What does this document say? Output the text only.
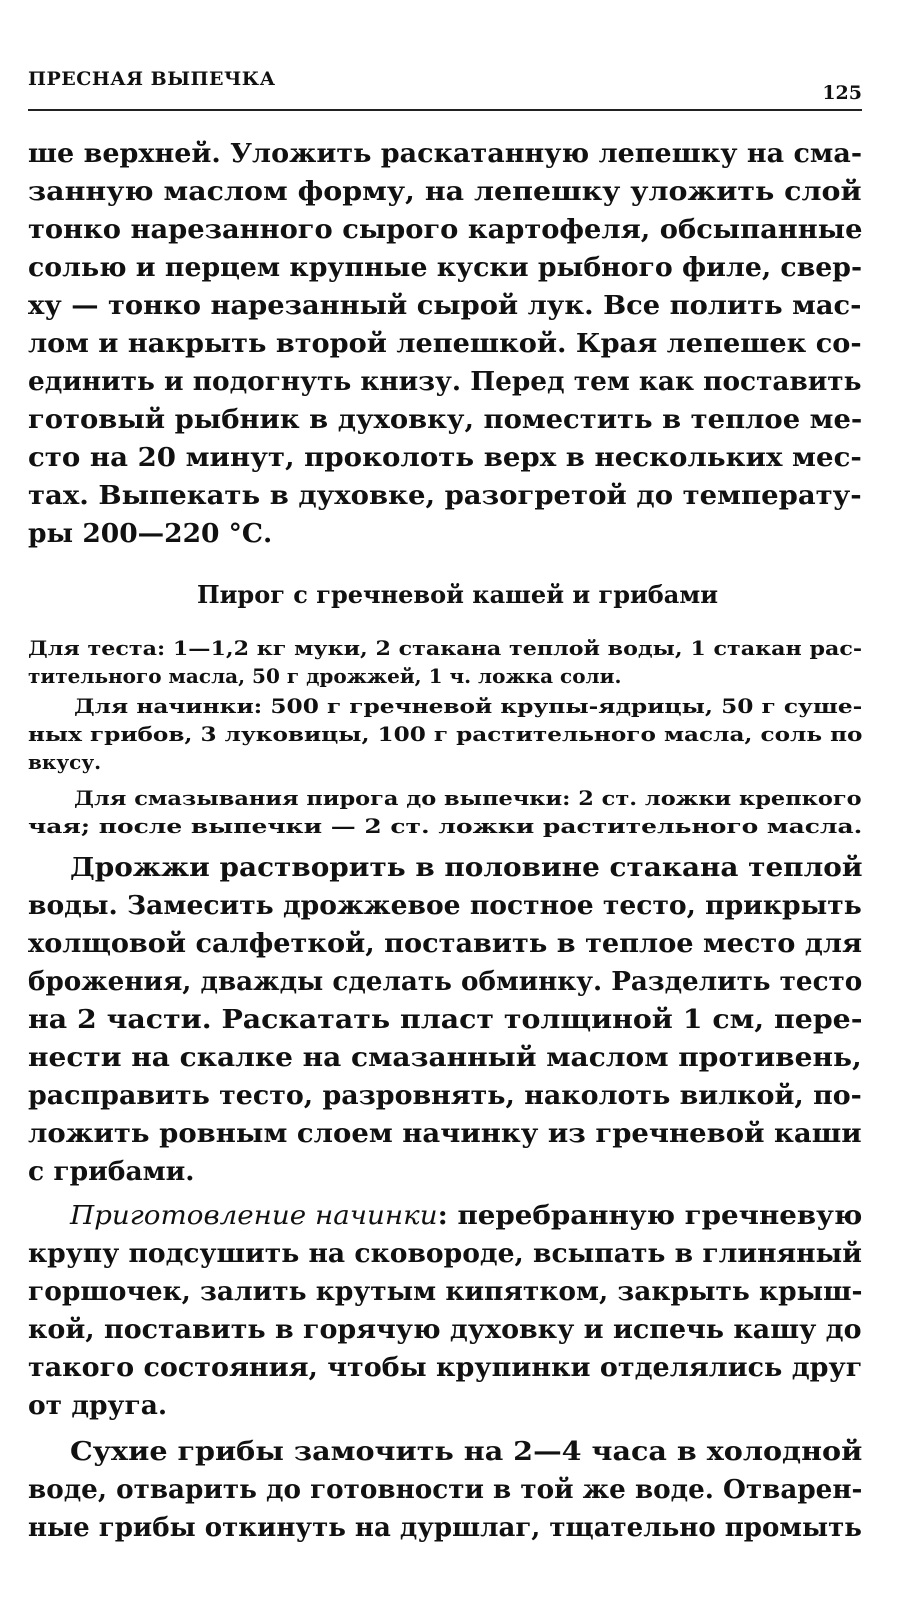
ПРЕСНАЯ ВЫПЕЧКА
125

ше верхней. Уложить раскатанную лепешку на сма-

занную маслом форму, на лепешку уложить слой

тонко нарезанного сырого картофеля, обсыпанные

солью и перцем крупные куски рыбного филе, свер-

ху — тонко нарезанный сырой лук. Все полить мас-

лом и накрыть второй лепешкой. Края лепешек со-

единить и подогнуть книзу. Перед тем как поставить

готовый рыбник в духовку, поместить в теплое ме-

сто на 20 минут, проколоть верх в нескольких мес-

тах. Выпекать в духовке, разогретой до температу-

ры 200—220 °С.

Пирог с гречневой кашей и грибами

Для теста: 1—1,2 кг муки, 2 стакана теплой воды, 1 стакан рас-

тительного масла, 50 г дрожжей, 1 ч. ложка соли.

Для начинки: 500 г гречневой крупы-ядрицы, 50 г суше-

ных грибов, 3 луковицы, 100 г растительного масла, соль по

вкусу.

Для смазывания пирога до выпечки: 2 ст. ложки крепкого

чая; после выпечки — 2 ст. ложки растительного масла.

Дрожжи растворить в половине стакана теплой

воды. Замесить дрожжевое постное тесто, прикрыть

холщовой салфеткой, поставить в теплое место для

брожения, дважды сделать обминку. Разделить тесто

на 2 части. Раскатать пласт толщиной 1 см, пере-

нести на скалке на смазанный маслом противень,

расправить тесто, разровнять, наколоть вилкой, по-

ложить ровным слоем начинку из гречневой каши

с грибами.

Приготовление начинки: перебранную гречневую

крупу подсушить на сковороде, всыпать в глиняный

горшочек, залить крутым кипятком, закрыть крыш-

кой, поставить в горячую духовку и испечь кашу до

такого состояния, чтобы крупинки отделялись друг

от друга.

Сухие грибы замочить на 2—4 часа в холодной

воде, отварить до готовности в той же воде. Отварен-

ные грибы откинуть на дуршлаг, тщательно промыть
